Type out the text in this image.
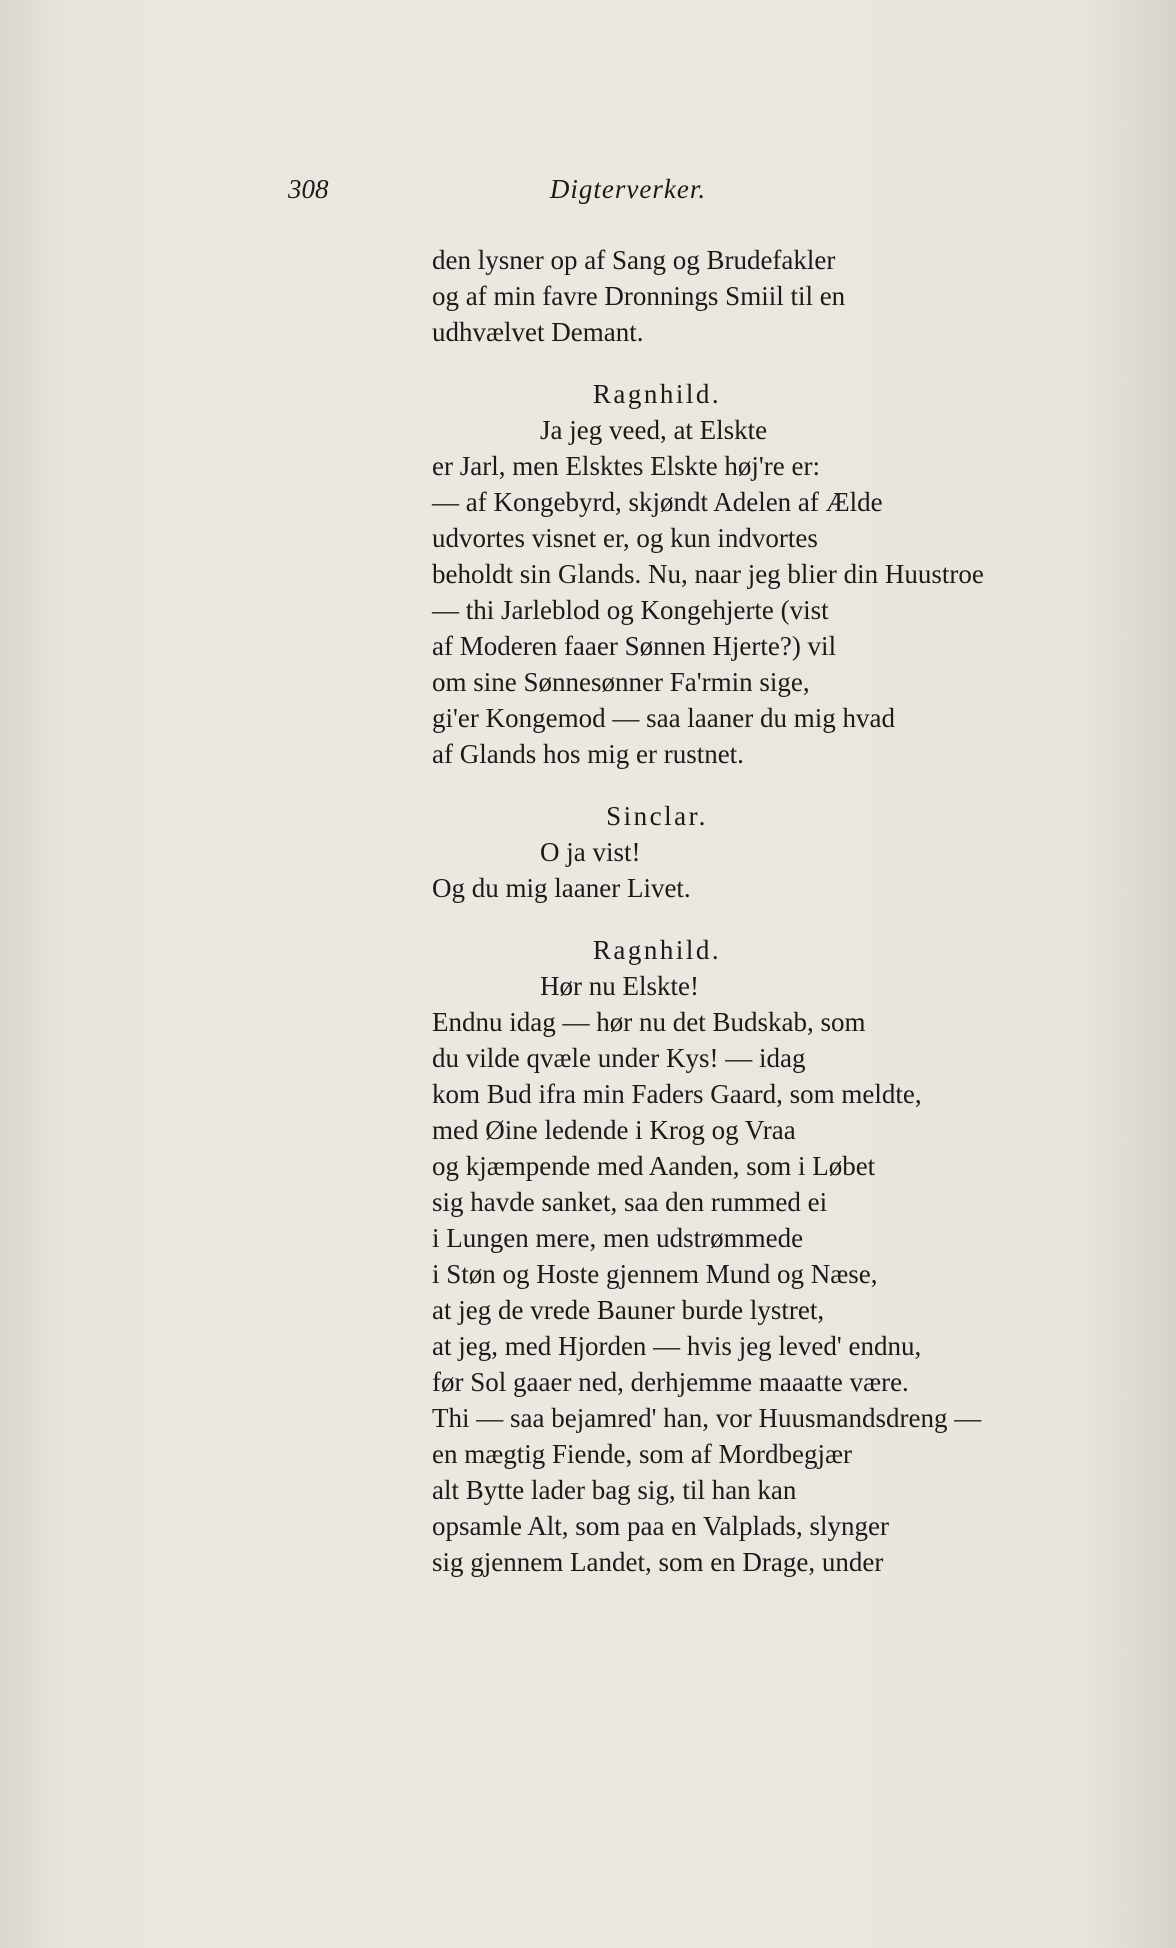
308	Digterverker.
den lysner op af Sang og Brudefakler
og af min favre Dronnings Smiil til en
udhvælvet Demant.
Ragnhild.
Ja jeg veed, at Elskte
er Jarl, men Elsktes Elskte høj're er:
— af Kongebyrd, skjøndt Adelen af Ælde
udvortes visnet er, og kun indvortes
beholdt sin Glands. Nu, naar jeg blier din Huustroe
— thi Jarleblod og Kongehjerte (vist
af Moderen faaer Sønnen Hjerte?) vil
om sine Sønnesønner Fa'rmin sige,
gi'er Kongemod — saa laaner du mig hvad
af Glands hos mig er rustnet.
Sinclar.
O ja vist!
Og du mig laaner Livet.
Ragnhild.
Hør nu Elskte!
Endnu idag — hør nu det Budskab, som
du vilde qvæle under Kys! — idag
kom Bud ifra min Faders Gaard, som meldte,
med Øine ledende i Krog og Vraa
og kjæmpende med Aanden, som i Løbet
sig havde sanket, saa den rummed ei
i Lungen mere, men udstrømmede
i Støn og Hoste gjennem Mund og Næse,
at jeg de vrede Bauner burde lystret,
at jeg, med Hjorden — hvis jeg leved' endnu,
før Sol gaaer ned, derhjemme maaatte være.
Thi — saa bejamred' han, vor Huusmandsdreng —
en mægtig Fiende, som af Mordbegjær
alt Bytte lader bag sig, til han kan
opsamle Alt, som paa en Valplads, slynger
sig gjennem Landet, som en Drage, under
